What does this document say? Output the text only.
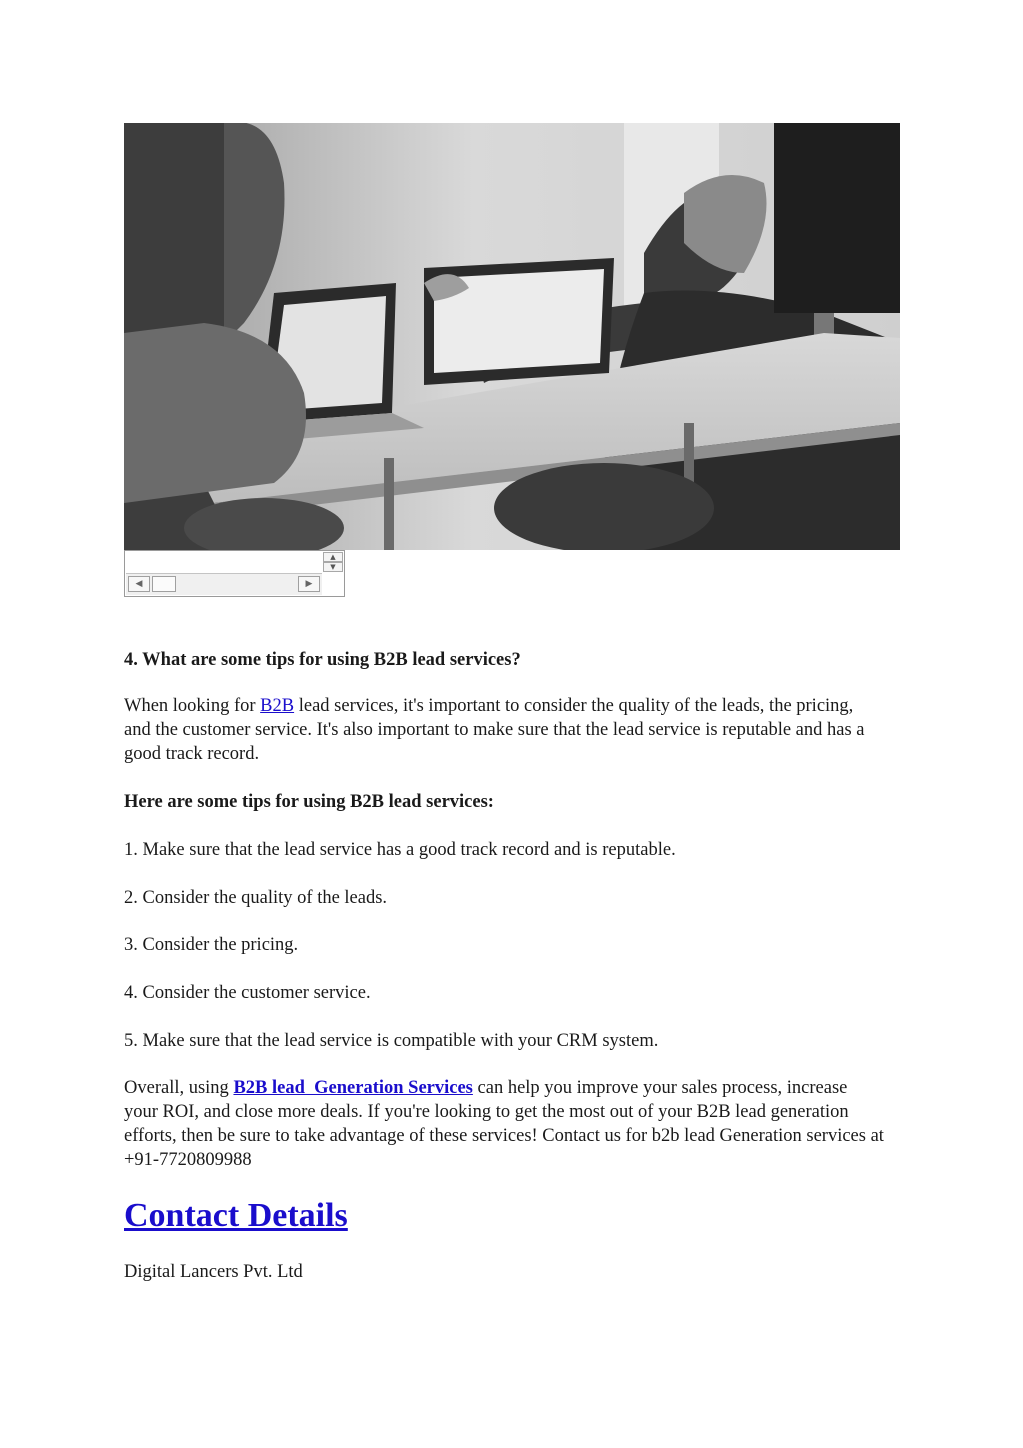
▲
▼
◀	▶

4. What are some tips for using B2B lead services?

When looking for B2B lead services, it's important to consider the quality of the leads, the pricing, and the customer service. It's also important to make sure that the lead service is reputable and has a good track record.

Here are some tips for using B2B lead services:

1. Make sure that the lead service has a good track record and is reputable.

2. Consider the quality of the leads.

3. Consider the pricing.

4. Consider the customer service.

5. Make sure that the lead service is compatible with your CRM system.

Overall, using B2B lead  Generation Services can help you improve your sales process, increase your ROI, and close more deals. If you're looking to get the most out of your B2B lead generation efforts, then be sure to take advantage of these services! Contact us for b2b lead Generation services at +91-7720809988

Contact Details

Digital Lancers Pvt. Ltd
